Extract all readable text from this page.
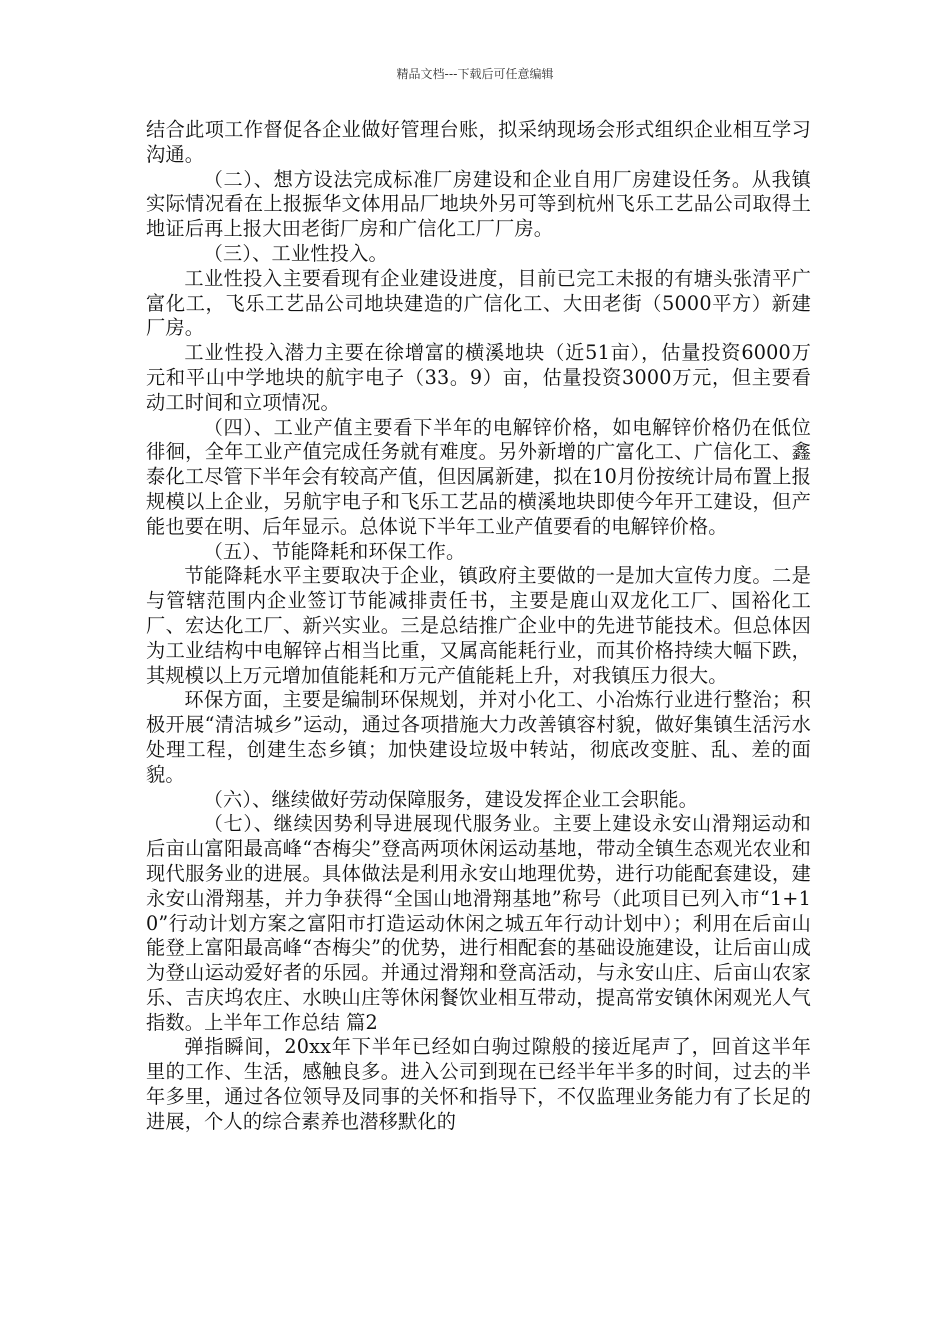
精品文档---下载后可任意编辑

结合此项工作督促各企业做好管理台账，拟采纳现场会形式组织企业相互学习沟通。

（二）、想方设法完成标准厂房建设和企业自用厂房建设任务。从我镇实际情况看在上报振华文体用品厂地块外另可等到杭州飞乐工艺品公司取得土地证后再上报大田老街厂房和广信化工厂厂房。

（三）、工业性投入。

工业性投入主要看现有企业建设进度，目前已完工未报的有塘头张清平广富化工，飞乐工艺品公司地块建造的广信化工、大田老街（5000平方）新建厂房。

工业性投入潜力主要在徐增富的横溪地块（近51亩），估量投资6000万元和平山中学地块的航宇电子（33。9）亩，估量投资3000万元，但主要看动工时间和立项情况。

（四）、工业产值主要看下半年的电解锌价格，如电解锌价格仍在低位徘徊，全年工业产值完成任务就有难度。另外新增的广富化工、广信化工、鑫泰化工尽管下半年会有较高产值，但因属新建，拟在10月份按统计局布置上报规模以上企业，另航宇电子和飞乐工艺品的横溪地块即使今年开工建设，但产能也要在明、后年显示。总体说下半年工业产值要看的电解锌价格。

（五）、节能降耗和环保工作。

节能降耗水平主要取决于企业，镇政府主要做的一是加大宣传力度。二是与管辖范围内企业签订节能减排责任书，主要是鹿山双龙化工厂、国裕化工厂、宏达化工厂、新兴实业。三是总结推广企业中的先进节能技术。但总体因为工业结构中电解锌占相当比重，又属高能耗行业，而其价格持续大幅下跌，其规模以上万元增加值能耗和万元产值能耗上升，对我镇压力很大。

环保方面，主要是编制环保规划，并对小化工、小冶炼行业进行整治；积极开展“清洁城乡”运动，通过各项措施大力改善镇容村貌，做好集镇生活污水处理工程，创建生态乡镇；加快建设垃圾中转站，彻底改变脏、乱、差的面貌。

（六）、继续做好劳动保障服务，建设发挥企业工会职能。

（七）、继续因势利导进展现代服务业。主要上建设永安山滑翔运动和后亩山富阳最高峰“杏梅尖”登高两项休闲运动基地，带动全镇生态观光农业和现代服务业的进展。具体做法是利用永安山地理优势，进行功能配套建设，建永安山滑翔基，并力争获得“全国山地滑翔基地”称号（此项目已列入市“1+10”行动计划方案之富阳市打造运动休闲之城五年行动计划中）；利用在后亩山能登上富阳最高峰“杏梅尖”的优势，进行相配套的基础设施建设，让后亩山成为登山运动爱好者的乐园。并通过滑翔和登高活动，与永安山庄、后亩山农家乐、吉庆坞农庄、水映山庄等休闲餐饮业相互带动，提高常安镇休闲观光人气指数。上半年工作总结 篇2

弹指瞬间，20xx年下半年已经如白驹过隙般的接近尾声了，回首这半年里的工作、生活，感触良多。进入公司到现在已经半年半多的时间，过去的半年多里，通过各位领导及同事的关怀和指导下，不仅监理业务能力有了长足的进展，个人的综合素养也潜移默化的
